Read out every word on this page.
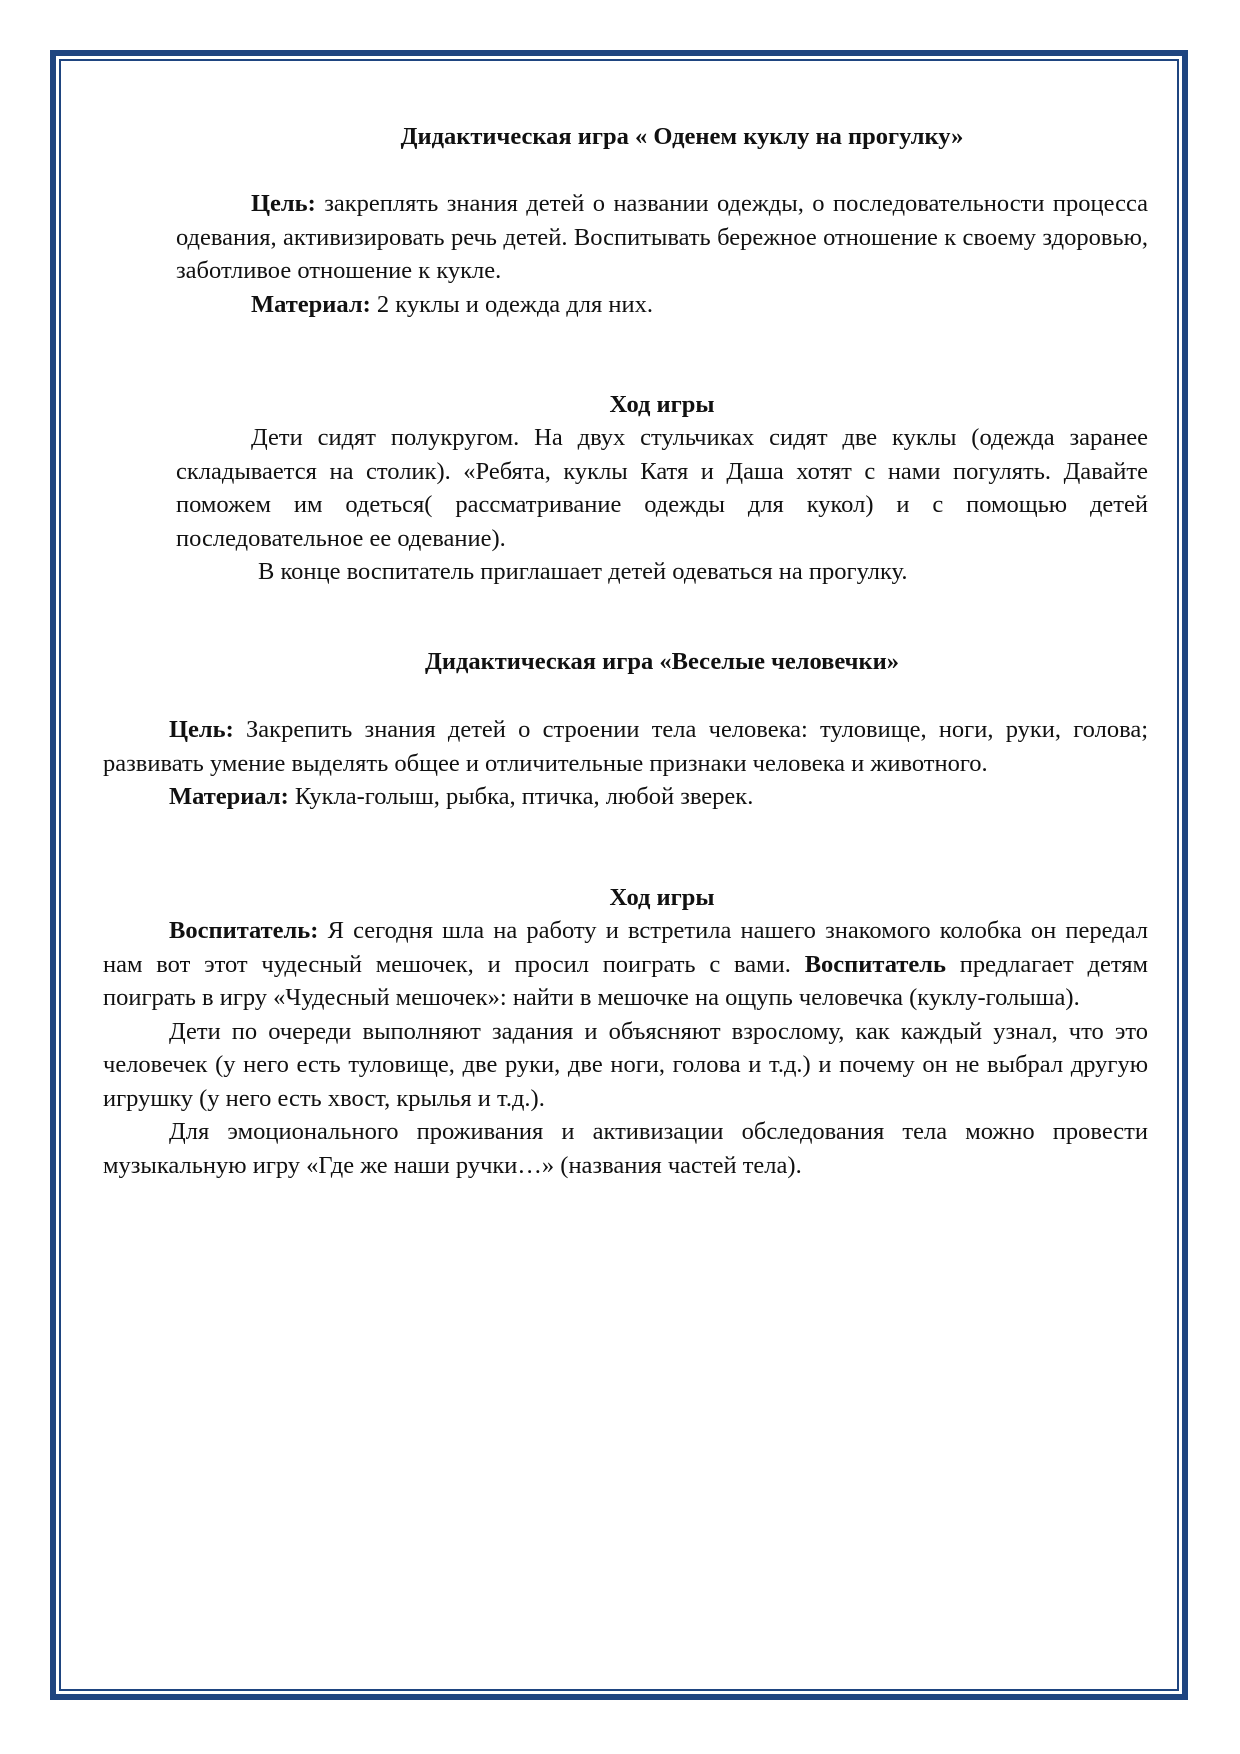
Дидактическая игра « Оденем куклу на прогулку»

Цель: закреплять знания детей о названии одежды, о последовательности процесса одевания, активизировать речь детей. Воспитывать бережное отношение к своему здоровью, заботливое отношение к кукле.

Материал: 2 куклы и одежда для них.

Ход игры

Дети сидят полукругом. На двух стульчиках сидят две куклы (одежда заранее складывается на столик). «Ребята, куклы Катя и Даша хотят с нами погулять. Давайте поможем им одеться( рассматривание одежды для кукол) и с помощью детей последовательное ее одевание).

В конце воспитатель приглашает детей одеваться на прогулку.

Дидактическая игра «Веселые человечки»

Цель: Закрепить знания детей о строении тела человека: туловище, ноги, руки, голова; развивать умение выделять общее и отличительные признаки человека и животного.

Материал: Кукла-голыш, рыбка, птичка, любой зверек.

Ход игры

Воспитатель: Я сегодня шла на работу и встретила нашего знакомого колобка он передал нам вот этот чудесный мешочек, и просил поиграть с вами. Воспитатель предлагает детям поиграть в игру «Чудесный мешочек»: найти в мешочке на ощупь человечка (куклу-голыша).

Дети по очереди выполняют задания и объясняют взрослому, как каждый узнал, что это человечек (у него есть туловище, две руки, две ноги, голова и т.д.) и почему он не выбрал другую игрушку (у него есть хвост, крылья и т.д.).

Для эмоционального проживания и активизации обследования тела можно провести музыкальную игру «Где же наши ручки…» (названия частей тела).
